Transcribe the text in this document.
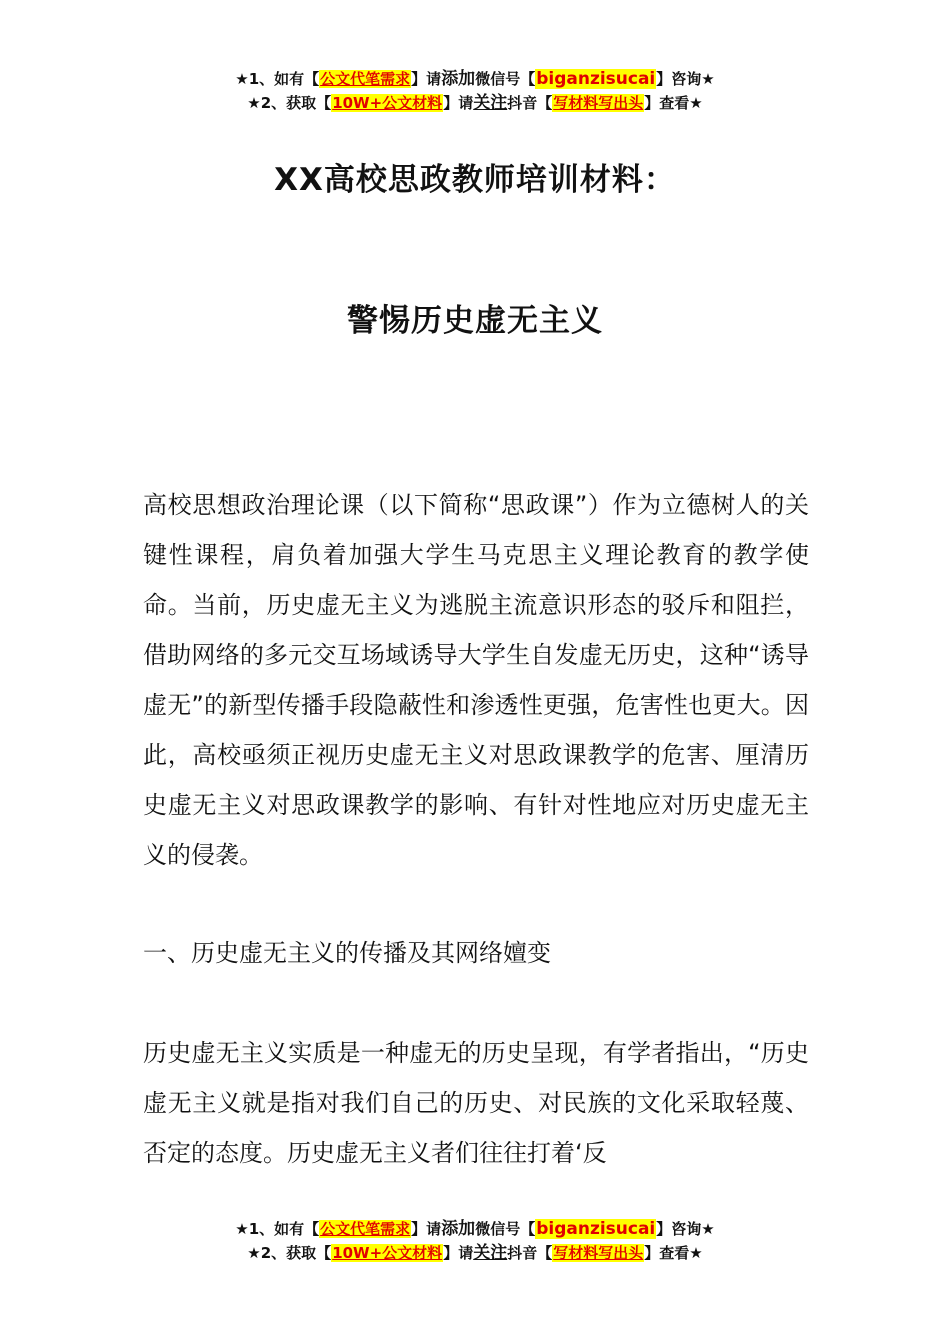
★1、如有【公文代笔需求】请添加微信号【biganzisucai】咨询★
★2、获取【10W+公文材料】请关注抖音【写材料写出头】查看★
XX高校思政教师培训材料：
警惕历史虚无主义

高校思想政治理论课（以下简称“思政课”）作为立德树人的关键性课程，肩负着加强大学生马克思主义理论教育的教学使命。当前，历史虚无主义为逃脱主流意识形态的驳斥和阻拦，借助网络的多元交互场域诱导大学生自发虚无历史，这种“诱导虚无”的新型传播手段隐蔽性和渗透性更强，危害性也更大。因此，高校亟须正视历史虚无主义对思政课教学的危害、厘清历史虚无主义对思政课教学的影响、有针对性地应对历史虚无主义的侵袭。

一、历史虚无主义的传播及其网络嬗变

历史虚无主义实质是一种虚无的历史呈现，有学者指出，“历史虚无主义就是指对我们自己的历史、对民族的文化采取轻蔑、否定的态度。历史虚无主义者们往往打着‘反

★1、如有【公文代笔需求】请添加微信号【biganzisucai】咨询★
★2、获取【10W+公文材料】请关注抖音【写材料写出头】查看★
